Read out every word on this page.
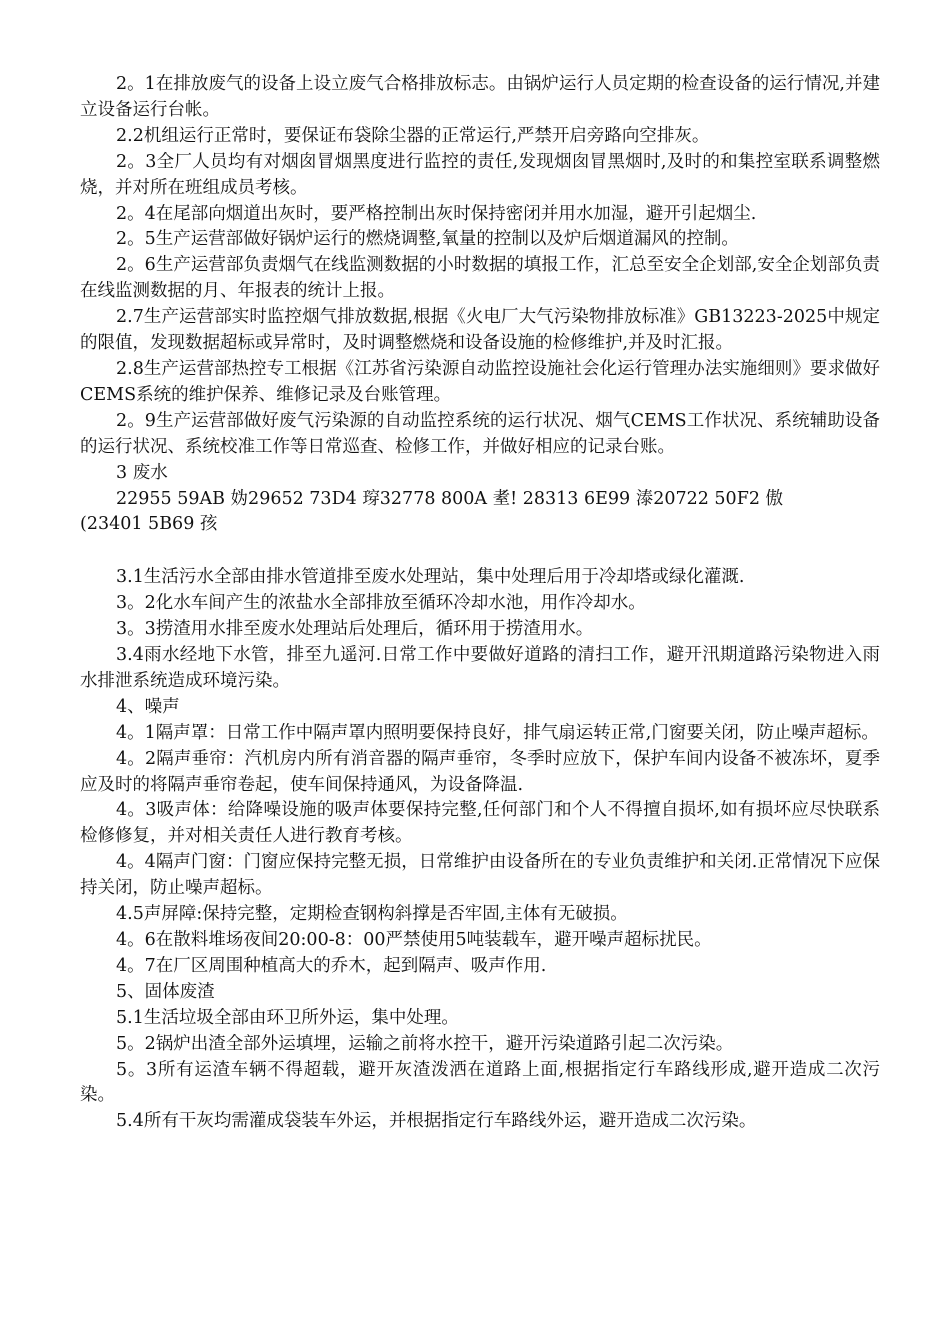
2。1在排放废气的设备上设立废气合格排放标志。由锅炉运行人员定期的检查设备的运行情况,并建立设备运行台帐。

2.2机组运行正常时，要保证布袋除尘器的正常运行,严禁开启旁路向空排灰。

2。3全厂人员均有对烟囱冒烟黑度进行监控的责任,发现烟囱冒黑烟时,及时的和集控室联系调整燃烧，并对所在班组成员考核。

2。4在尾部向烟道出灰时，要严格控制出灰时保持密闭并用水加湿，避开引起烟尘.

2。5生产运营部做好锅炉运行的燃烧调整,氧量的控制以及炉后烟道漏风的控制。

2。6生产运营部负责烟气在线监测数据的小时数据的填报工作，汇总至安全企划部,安全企划部负责在线监测数据的月、年报表的统计上报。

2.7生产运营部实时监控烟气排放数据,根据《火电厂大气污染物排放标准》GB13223-2025中规定的限值，发现数据超标或异常时，及时调整燃烧和设备设施的检修维护,并及时汇报。

2.8生产运营部热控专工根据《江苏省污染源自动监控设施社会化运行管理办法实施细则》要求做好CEMS系统的维护保养、维修记录及台账管理。

2。9生产运营部做好废气污染源的自动监控系统的运行状况、烟气CEMS工作状况、系统辅助设备的运行状况、系统校准工作等日常巡查、检修工作，并做好相应的记录台账。

3 废水

22955 59AB 妫29652 73D4 瑏32778 800A 耊! 28313 6E99 溙20722 50F2 傲

(23401 5B69 孩

3.1生活污水全部由排水管道排至废水处理站，集中处理后用于冷却塔或绿化灌溉.

3。2化水车间产生的浓盐水全部排放至循环冷却水池，用作冷却水。

3。3捞渣用水排至废水处理站后处理后，循环用于捞渣用水。

3.4雨水经地下水管，排至九遥河.日常工作中要做好道路的清扫工作，避开汛期道路污染物进入雨水排泄系统造成环境污染。

4、噪声

4。1隔声罩：日常工作中隔声罩内照明要保持良好，排气扇运转正常,门窗要关闭，防止噪声超标。

4。2隔声垂帘：汽机房内所有消音器的隔声垂帘，冬季时应放下，保护车间内设备不被冻坏，夏季应及时的将隔声垂帘卷起，使车间保持通风，为设备降温.

4。3吸声体：给降噪设施的吸声体要保持完整,任何部门和个人不得擅自损坏,如有损坏应尽快联系检修修复，并对相关责任人进行教育考核。

4。4隔声门窗：门窗应保持完整无损，日常维护由设备所在的专业负责维护和关闭.正常情况下应保持关闭，防止噪声超标。

4.5声屏障:保持完整，定期检查钢构斜撑是否牢固,主体有无破损。

4。6在散料堆场夜间20:00-8：00严禁使用5吨装载车，避开噪声超标扰民。

4。7在厂区周围种植高大的乔木，起到隔声、吸声作用.

5、固体废渣

5.1生活垃圾全部由环卫所外运，集中处理。

5。2锅炉出渣全部外运填埋，运输之前将水控干，避开污染道路引起二次污染。

5。3所有运渣车辆不得超载，避开灰渣泼洒在道路上面,根据指定行车路线形成,避开造成二次污染。

5.4所有干灰均需灌成袋装车外运，并根据指定行车路线外运，避开造成二次污染。
